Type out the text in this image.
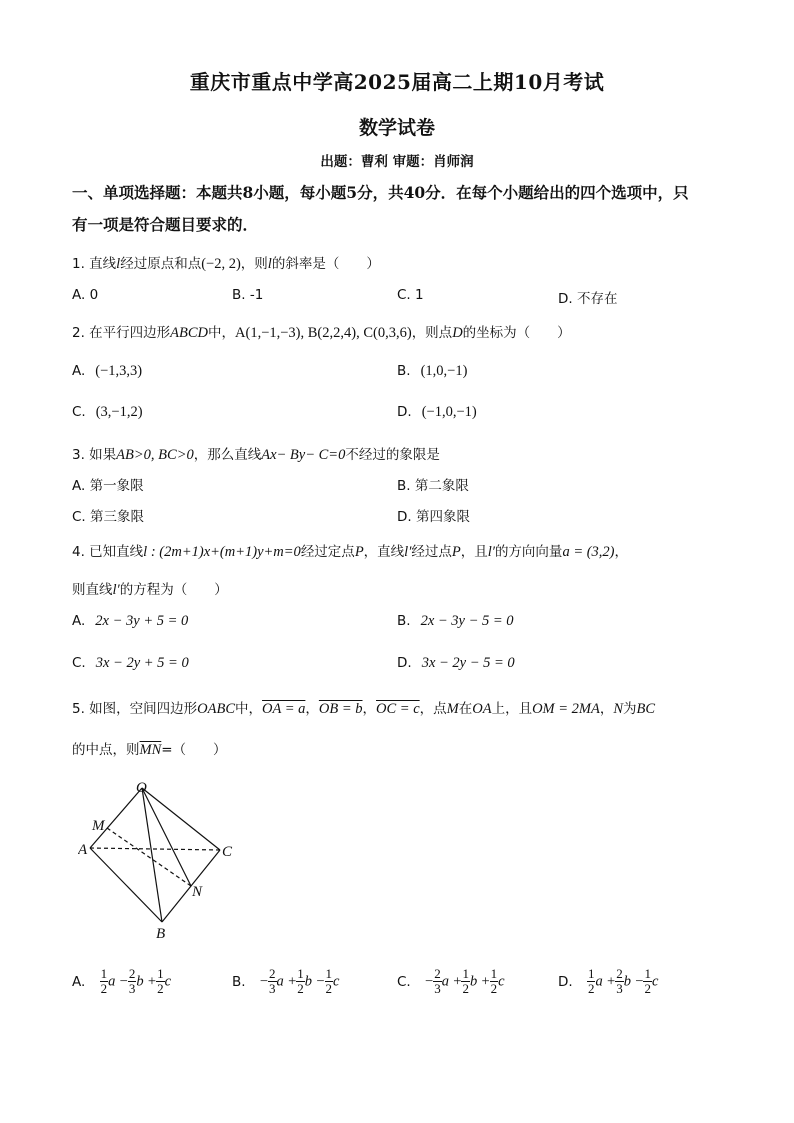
重庆市重点中学高2025届高二上期10月考试
数学试卷
出题：曹利 审题：肖师润
一、单项选择题：本题共8小题，每小题5分，共40分．在每个小题给出的四个选项中，只
有一项是符合题目要求的．
1. 直线l经过原点和点(−2, 2)，则l的斜率是（　　）
A. 0	B. -1	C. 1	D. 不存在
2. 在平行四边形ABCD中，A(1,−1,−3), B(2,2,4), C(0,3,6)，则点D的坐标为（　　）
A. (−1,3,3)	B. (1,0,−1)
C. (3,−1,2)	D. (−1,0,−1)
3. 如果AB>0, BC>0，那么直线Ax− By− C=0不经过的象限是
A. 第一象限	B. 第二象限
C. 第三象限	D. 第四象限
4. 已知直线l : (2m+1)x+(m+1)y+m=0经过定点P，直线l′经过点P，且l′的方向向量a = (3,2)，
则直线l′的方程为（　　）
A. 2x − 3y + 5 = 0	B. 2x − 3y − 5 = 0
C. 3x − 2y + 5 = 0	D. 3x − 2y − 5 = 0
5. 如图，空间四边形OABC中，OA = a，OB = b，OC = c，点M在OA上，且OM = 2MA，N为BC
的中点，则$\overline{MN}=$（　　）
O
M
A	C
N
B
A. $\frac{1}{2}$ $a - \frac{2}{3}$ $b + \frac{1}{2}$ c	B. − $\frac{2}{3}$ $a + \frac{1}{2}$ $b - \frac{1}{2}$ c	C. − $\frac{2}{3}$ $a + \frac{1}{2}$ $b + \frac{1}{2}$ c	D. $\frac{1}{2}$ $a + \frac{2}{3}$ $b - \frac{1}{2}$ c
